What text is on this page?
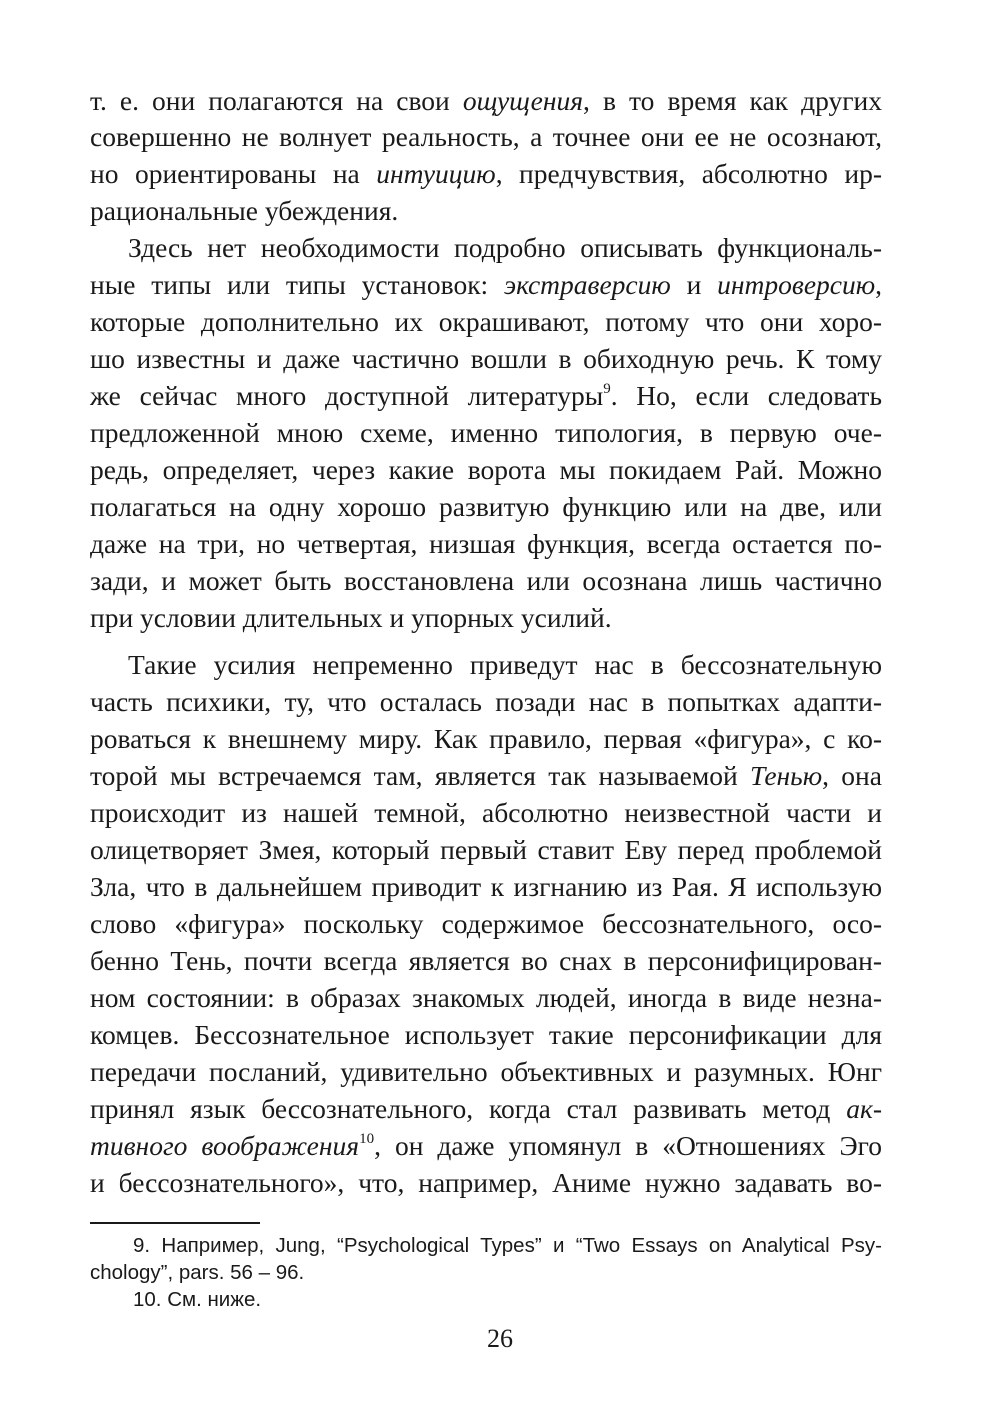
т. е. они полагаются на свои ощущения, в то время как других
совершенно не волнует реальность, а точнее они ее не осознают,
но ориентированы на интуицию, предчувствия, абсолютно ир-
рациональные убеждения.
Здесь нет необходимости подробно описывать функциональ-
ные типы или типы установок: экстраверсию и интроверсию,
которые дополнительно их окрашивают, потому что они хоро-
шо известны и даже частично вошли в обиходную речь. К тому
же сейчас много доступной литературы$^9$. Но, если следовать
предложенной мною схеме, именно типология, в первую оче-
редь, определяет, через какие ворота мы покидаем Рай. Можно
полагаться на одну хорошо развитую функцию или на две, или
даже на три, но четвертая, низшая функция, всегда остается по-
зади, и может быть восстановлена или осознана лишь частично
при условии длительных и упорных усилий.
Такие усилия непременно приведут нас в бессознательную
часть психики, ту, что осталась позади нас в попытках адапти-
роваться к внешнему миру. Как правило, первая «фигура», с ко-
торой мы встречаемся там, является так называемой Тенью, она
происходит из нашей темной, абсолютно неизвестной части и
олицетворяет Змея, который первый ставит Еву перед проблемой
Зла, что в дальнейшем приводит к изгнанию из Рая. Я использую
слово «фигура» поскольку содержимое бессознательного, осо-
бенно Тень, почти всегда является во снах в персонифицирован-
ном состоянии: в образах знакомых людей, иногда в виде незна-
комцев. Бессознательное использует такие персонификации для
передачи посланий, удивительно объективных и разумных. Юнг
принял язык бессознательного, когда стал развивать метод ак-
тивного воображения$^{10}$, он даже упомянул в «Отношениях Эго
и бессознательного», что, например, Аниме нужно задавать во-
9. Например, Jung, “Psychological Types” и “Two Essays on Analytical Psy-
chology”, pars. 56 – 96.
10. См. ниже.
26
